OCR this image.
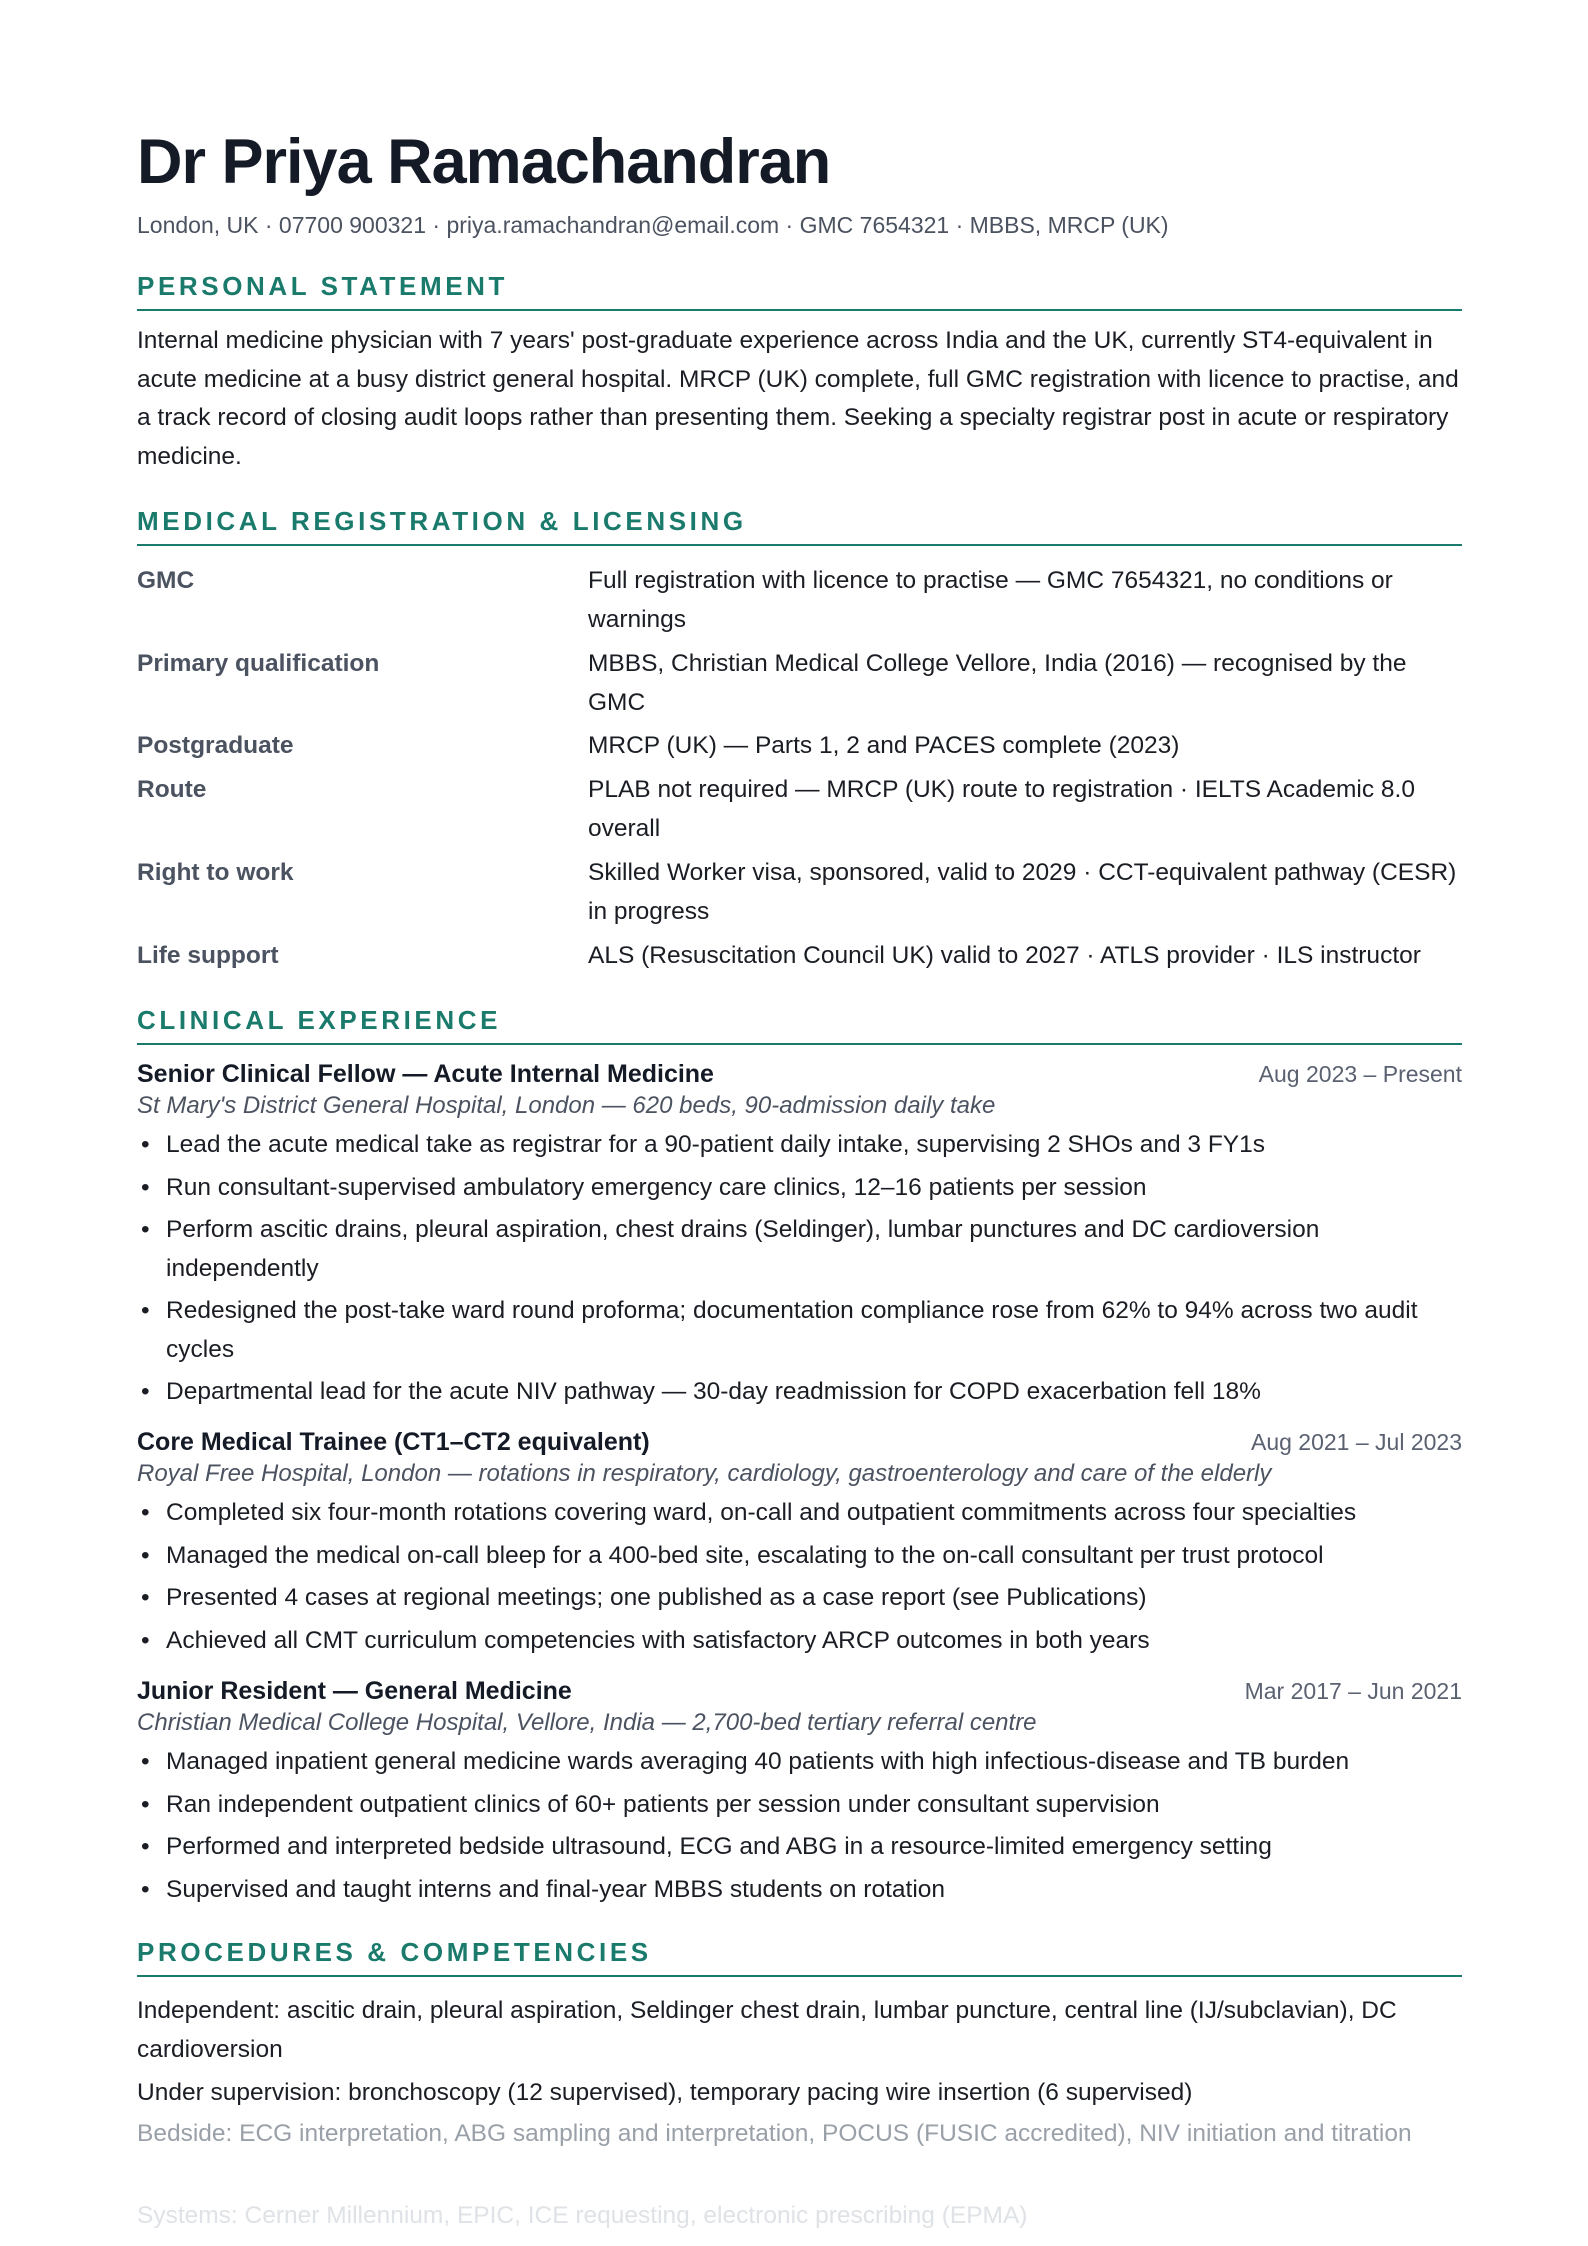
Dr Priya Ramachandran
London, UK · 07700 900321 · priya.ramachandran@email.com · GMC 7654321 · MBBS, MRCP (UK)
PERSONAL STATEMENT
Internal medicine physician with 7 years' post-graduate experience across India and the UK, currently ST4-equivalent in acute medicine at a busy district general hospital. MRCP (UK) complete, full GMC registration with licence to practise, and a track record of closing audit loops rather than presenting them. Seeking a specialty registrar post in acute or respiratory medicine.
MEDICAL REGISTRATION & LICENSING
GMC	Full registration with licence to practise — GMC 7654321, no conditions or warnings
Primary qualification	MBBS, Christian Medical College Vellore, India (2016) — recognised by the GMC
Postgraduate	MRCP (UK) — Parts 1, 2 and PACES complete (2023)
Route	PLAB not required — MRCP (UK) route to registration · IELTS Academic 8.0 overall
Right to work	Skilled Worker visa, sponsored, valid to 2029 · CCT-equivalent pathway (CESR) in progress
Life support	ALS (Resuscitation Council UK) valid to 2027 · ATLS provider · ILS instructor
CLINICAL EXPERIENCE
Senior Clinical Fellow — Acute Internal Medicine	Aug 2023 – Present
St Mary's District General Hospital, London — 620 beds, 90-admission daily take
• Lead the acute medical take as registrar for a 90-patient daily intake, supervising 2 SHOs and 3 FY1s
• Run consultant-supervised ambulatory emergency care clinics, 12–16 patients per session
• Perform ascitic drains, pleural aspiration, chest drains (Seldinger), lumbar punctures and DC cardioversion independently
• Redesigned the post-take ward round proforma; documentation compliance rose from 62% to 94% across two audit cycles
• Departmental lead for the acute NIV pathway — 30-day readmission for COPD exacerbation fell 18%
Core Medical Trainee (CT1–CT2 equivalent)	Aug 2021 – Jul 2023
Royal Free Hospital, London — rotations in respiratory, cardiology, gastroenterology and care of the elderly
• Completed six four-month rotations covering ward, on-call and outpatient commitments across four specialties
• Managed the medical on-call bleep for a 400-bed site, escalating to the on-call consultant per trust protocol
• Presented 4 cases at regional meetings; one published as a case report (see Publications)
• Achieved all CMT curriculum competencies with satisfactory ARCP outcomes in both years
Junior Resident — General Medicine	Mar 2017 – Jun 2021
Christian Medical College Hospital, Vellore, India — 2,700-bed tertiary referral centre
• Managed inpatient general medicine wards averaging 40 patients with high infectious-disease and TB burden
• Ran independent outpatient clinics of 60+ patients per session under consultant supervision
• Performed and interpreted bedside ultrasound, ECG and ABG in a resource-limited emergency setting
• Supervised and taught interns and final-year MBBS students on rotation
PROCEDURES & COMPETENCIES
Independent: ascitic drain, pleural aspiration, Seldinger chest drain, lumbar puncture, central line (IJ/subclavian), DC cardioversion
Under supervision: bronchoscopy (12 supervised), temporary pacing wire insertion (6 supervised)
Bedside: ECG interpretation, ABG sampling and interpretation, POCUS (FUSIC accredited), NIV initiation and titration
Systems: Cerner Millennium, EPIC, ICE requesting, electronic prescribing (EPMA)
